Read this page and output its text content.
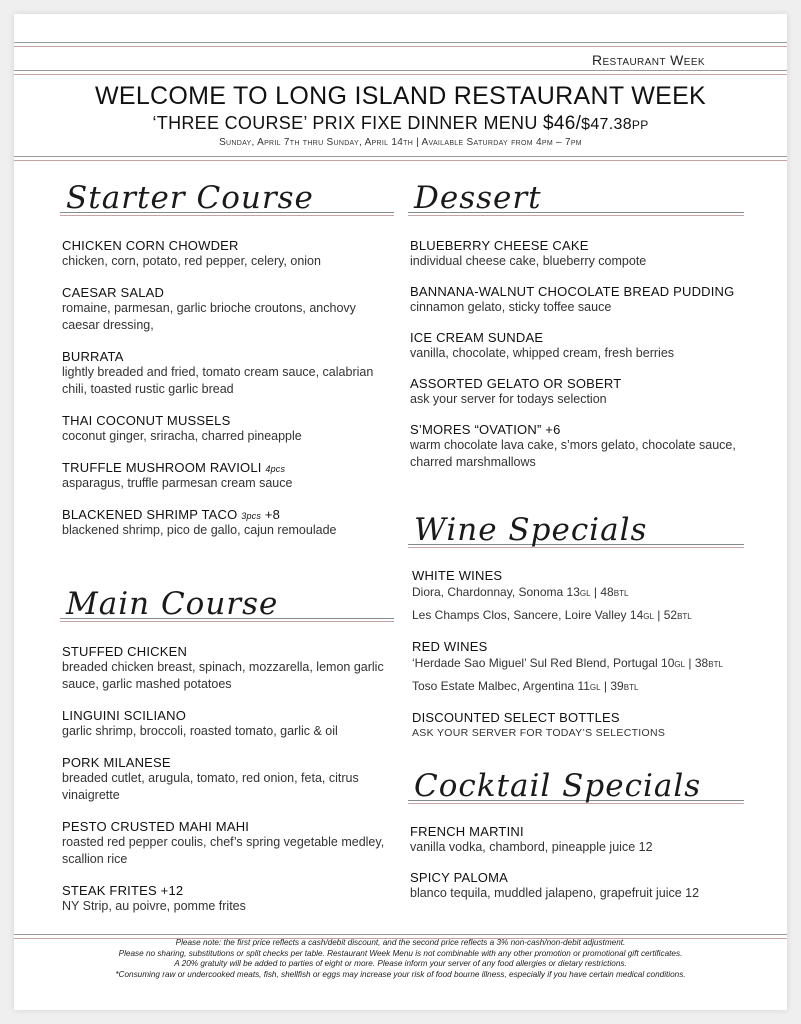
Restaurant Week
WELCOME TO LONG ISLAND RESTAURANT WEEK
‘THREE COURSE’ PRIX FIXE DINNER MENU $46/$47.38PP
Sunday, April 7th thru Sunday, April 14th | Available Saturday from 4pm – 7pm
Starter Course
CHICKEN CORN CHOWDER
chicken, corn, potato, red pepper, celery, onion
CAESAR SALAD
romaine, parmesan, garlic brioche croutons, anchovy caesar dressing,
BURRATA
lightly breaded and fried, tomato cream sauce, calabrian chili, toasted rustic garlic bread
THAI COCONUT MUSSELS
coconut ginger, sriracha, charred pineapple
TRUFFLE MUSHROOM RAVIOLI 4pcs
asparagus, truffle parmesan cream sauce
BLACKENED SHRIMP TACO 3pcs +8
blackened shrimp, pico de gallo, cajun remoulade
Main Course
STUFFED CHICKEN
breaded chicken breast, spinach, mozzarella, lemon garlic sauce, garlic mashed potatoes
LINGUINI SCILIANO
garlic shrimp, broccoli, roasted tomato, garlic & oil
PORK MILANESE
breaded cutlet, arugula, tomato, red onion, feta, citrus vinaigrette
PESTO CRUSTED MAHI MAHI
roasted red pepper coulis, chef’s spring vegetable medley, scallion rice
STEAK FRITES +12
NY Strip, au poivre, pomme frites
Dessert
BLUEBERRY CHEESE CAKE
individual cheese cake, blueberry compote
BANNANA-WALNUT CHOCOLATE BREAD PUDDING
cinnamon gelato, sticky toffee sauce
ICE CREAM SUNDAE
vanilla, chocolate, whipped cream, fresh berries
ASSORTED GELATO OR SOBERT
ask your server for todays selection
S’MORES “OVATION” +6
warm chocolate lava cake, s’mors gelato, chocolate sauce, charred marshmallows
Wine Specials
WHITE WINES
Diora, Chardonnay, Sonoma 13GL | 48BTL
Les Champs Clos, Sancere, Loire Valley 14GL | 52BTL
RED WINES
‘Herdade Sao Miguel’ Sul Red Blend, Portugal 10GL | 38BTL
Toso Estate Malbec, Argentina 11GL | 39BTL
DISCOUNTED SELECT BOTTLES
ASK YOUR SERVER FOR TODAY’S SELECTIONS
Cocktail Specials
FRENCH MARTINI
vanilla vodka, chambord, pineapple juice 12
SPICY PALOMA
blanco tequila, muddled jalapeno, grapefruit juice 12
Please note: the first price reflects a cash/debit discount, and the second price reflects a 3% non-cash/non-debit adjustment.
Please no sharing, substitutions or split checks per table. Restaurant Week Menu is not combinable with any other promotion or promotional gift certificates.
A 20% gratuity will be added to parties of eight or more. Please inform your server of any food allergies or dietary restrictions.
*Consuming raw or undercooked meats, fish, shellfish or eggs may increase your risk of food bourne illness, especially if you have certain medical conditions.
